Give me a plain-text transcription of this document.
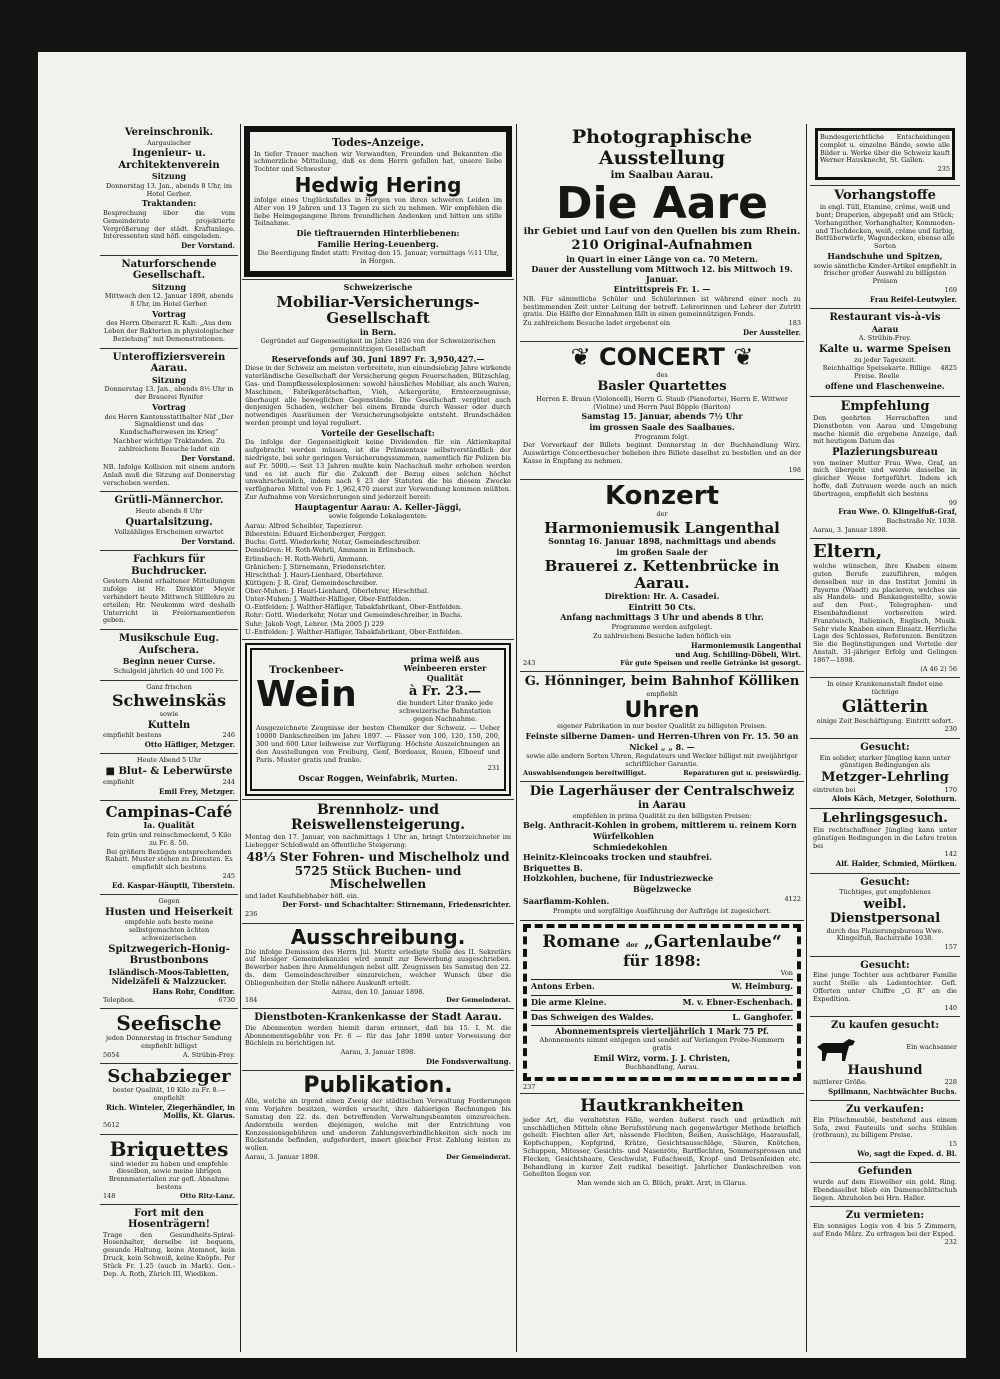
Vereinschronik.

Aargauischer

Ingenieur- u. Architektenverein

Sitzung

Donnerstag 13. Jan., abends 8 Uhr, im Hotel Gerber.

Traktanden:

Besprechung über die vom Gemeinderate projektierte Vergrößerung der städt. Kraftanlage. Interessenten sind höfl. eingeladen.

Der Vorstand.

Naturforschende Gesellschaft.

Sitzung

Mittwoch den 12. Januar 1898, abends 8 Uhr, im Hotel Gerber.

Vortrag

des Herrn Oberarzt R. Kalt: „Aus dem Leben der Bakterien in physiologischer Beziehung“ mit Demonstrationen.

Unteroffiziersverein Aarau.

Sitzung

Donnerstag 13. Jan., abends 8½ Uhr in der Brauerei Rynifer

Vortrag

des Herrn Kantonsstatthalter Näf „Der Signaldienst und das Kundschafterwesen im Krieg“

Nachher wichtige Traktanden. Zu zahlreichem Besuche ladet ein

Der Vorstand.

NB. Infolge Kollision mit einem andern Anlaß muß die Sitzung auf Donnerstag verschoben werden.

Grütli-Männerchor.

Heute abends 8 Uhr

Quartalsitzung.

Vollzähliges Erscheinen erwartet

Der Vorstand.

Fachkurs für Buchdrucker.

Gestern Abend erhaltener Mitteilungen zufolge ist Hr. Direktor Meyer verhindert heute Mittwoch Stilllehre zu erteilen; Hr. Neukomm wird deshalb Unterricht in Freiornamentieren geben.

Musikschule Eug. Aufschera.

Beginn neuer Curse.

Schulgeld jährlich 40 und 100 Fr.

Ganz frischen

Schweinskäs

sowie

Kutteln

empfiehlt bestens	246

Otto Häfliger, Metzger.

Heute Abend 5 Uhr

■ Blut- & Leberwürste

empfiehlt	244

Emil Frey, Metzger.

Campinas-Café

Ia. Qualität

fein grün und reinschmeckend, 5 Kilo zu Fr. 8. 50.

Bei größern Bezügen entsprechenden Rabatt. Muster stehen zu Diensten. Es empfiehlt sich bestens

245

Ed. Kaspar-Häuptli, Tiberstein.

Gegen

Husten und Heiserkeit

empfehle aufs beste meine selbstgemachten ächten schweizerischen

Spitzwegerich-Honig-Brustbonbons

Isländisch-Moos-Tabletten, Nidelzäfeli & Malzzucker.

Hans Rohr, Conditor.

Telephon.	6730

Seefische

jeden Donnerstag in frischer Sendung empfiehlt billigst

5654	A. Strübin-Frey.

Schabzieger

bester Qualität, 10 Kilo zu Fr. 8.— empfiehlt

Rich. Winteler, Ziegerhändler, in Mollis, Kt. Glarus.

5612

Briquettes

sind wieder zu haben und empfehle dieselben, sowie meine übrigen Brennmaterialien zur gefl. Abnahme bestens

148	Otto Ritz-Lanz.

Fort mit den Hosenträgern!

Trage den Gesundheits-Spiral-Hosenhalter, derselbe ist bequem, gesunde Haltung, keine Atemnot, kein Druck, kein Schweiß, keine Knöpfe. Per Stück Fr. 1.25 (auch in Mark). Gen.-Dep. A. Roth, Zürich III, Wiedikon.

Todes-Anzeige.

In tiefer Trauer machen wir Verwandten, Freunden und Bekannten die schmerzliche Mitteilung, daß es dem Herrn gefallen hat, unsere liebe Tochter und Schwester

Hedwig Hering

infolge eines Unglücksfalles in Horgen von ihren schweren Leiden im Alter von 19 Jahren und 13 Tagen zu sich zu nehmen. Wir empfehlen die liebe Heimgegangene Ihrem freundlichen Andenken und bitten um stille Teilnahme.

Die tieftrauernden Hinterbliebenen:

Familie Hering-Leuenberg.

Die Beerdigung findet statt: Freitag den 15. Januar, vormittags ½11 Uhr, in Horgen.

Schweizerische

Mobiliar-Versicherungs-Gesellschaft

in Bern.

Gegründet auf Gegenseitigkeit im Jahre 1826 von der Schweizerischen gemeinnützigen Gesellschaft

Reservefonds auf 30. Juni 1897 Fr. 3,950,427.—

Diese in der Schweiz am meisten verbreitete, nun einundsiebzig Jahre wirkende vaterländische Gesellschaft der Versicherung gegen Feuerschaden, Blitzschlag, Gas- und Dampfkesselexplosionen: sowohl häusliches Mobiliar, als auch Waren, Maschinen, Fabrikgerätschaften, Vieh, Ackergeräte, Ernteerzeugnisse, überhaupt alle beweglichen Gegenstände. Die Gesellschaft vergütet auch denjenigen Schaden, welcher bei einem Brande durch Wasser oder durch notwendiges Ausräumen der Versicherungsobjekte entsteht. Brandschäden werden prompt und loyal reguliert.

Vorteile der Gesellschaft:

Da infolge der Gegenseitigkeit keine Dividenden für ein Aktienkapital aufgebracht werden müssen, ist die Prämientaxe selbstverständlich der niedrigste, bei sehr geringen Versicherungssummen, namentlich für Polizen bis auf Fr. 5000.— Seit 13 Jahren mußte kein Nachschuß mehr erhoben werden und es ist auch für die Zukunft der Bezug eines solchen höchst unwahrscheinlich, indem nach § 23 der Statuten die bis diesem Zwecke verfügbaren Mittel von Fr. 1,962,470 zuerst zur Verwendung kommen müßten. Zur Aufnahme von Versicherungen sind jederzeit bereit:

Hauptagentur Aarau: A. Keller-Jäggi,

sowie folgende Lokalagenten:

Aarau: Alfred Scheibler, Tapezierer.
Biberstein: Eduard Eichenberger, Fergger.
Buchs: Gottl. Wiederkehr, Notar, Gemeindeschreiber.
Densbüren: H. Roth-Wehrli, Ammann in Erlinsbach.
Erlinsbach: H. Roth-Wehrli, Ammann.
Gränichen: J. Stirnemann, Friedensrichter.
Hirschthal: J. Hauri-Lienhard, Oberlehrer.
Küttigen: J. R. Graf, Gemeindeschreiber.
Ober-Muhen: J. Hauri-Lienhard, Oberlehrer, Hirschthal.
Unter-Muhen: J. Walther-Häfliger, Ober-Entfelden.
O.-Entfelden: J. Walther-Häfliger, Tabakfabrikant, Ober-Entfelden.
Rohr: Gottl. Wiederkehr, Notar und Gemeindeschreiber, in Buchs.
Suhr: Jakob Vogt, Lehrer. (Ma 2005 J) 229
U.-Entfelden: J. Walther-Häfliger, Tabakfabrikant, Ober-Entfelden.

Trockenbeer-

Wein

prima weiß aus Weinbeeren erster Qualität

à Fr. 23.—

die hundert Liter franko jede schweizerische Bahnstation gegen Nachnahme.

Ausgezeichnete Zeugnisse der besten Chemiker der Schweiz. — Ueber 10000 Dankschreiben im Jahre 1897. — Fässer von 100, 120, 150, 200, 300 und 600 Liter leihweise zur Verfügung. Höchste Auszeichnungen an den Ausstellungen von Freiburg, Genf, Bordeaux, Rouen, Elboeuf und Paris. Muster gratis und franko.

231

Oscar Roggen, Weinfabrik, Murten.

Brennholz- und Reiswellensteigerung.

Montag den 17. Januar, von nachmittags 1 Uhr an, bringt Unterzeichneter im Liebegger Schloßwald an öffentliche Steigerung:

48⅓ Ster Fohren- und Mischelholz und

5725 Stück Buchen- und Mischelwellen

und ladet Kaufsliebhaber höfl. ein.

Der Forst- und Schachtalter: Stirnemann, Friedensrichter.

236

Ausschreibung.

Die infolge Demission des Herrn Jul. Moritz erledigte Stelle des II. Sekretärs auf hiesiger Gemeindekanzlei wird anmit zur Bewerbung ausgeschrieben. Bewerber haben ihre Anmeldungen nebst allf. Zeugnissen bis Samstag den 22. ds. dem Gemeindeschreiber einzureichen, welcher Wunsch über die Obliegenheiten der Stelle nähere Auskunft erteilt.

Aarau, den 10. Januar 1898.

184	Der Gemeinderat.

Dienstboten-Krankenkasse der Stadt Aarau.

Die Abonnenten werden hiemit daran erinnert, daß bis 15. I. M. die Abonnementsgebühr von Fr. 6 — für das Jahr 1898 unter Vorweisung der Büchlein zu berichtigen ist.

Aarau, 3. Januar 1898.

Die Fondsverwaltung.

Publikation.

Alle, welche an irgend einen Zweig der städtischen Verwaltung Forderungen vom Vorjahre besitzen, werden ersucht, ihre dahierigen Rechnungen bis Samstag den 22. ds. den betreffenden Verwaltungsbeamten einzureichen. Andernteils werden diejenigen, welche mit der Entrichtung von Konzessionsgebühren und anderen Zahlungsverbindlichkeiten sich noch im Rückstande befinden, aufgefordert, innert gleicher Frist Zahlung leisten zu wollen.

Aarau, 3. Januar 1898.	Der Gemeinderat.

Photographische Ausstellung

im Saalbau Aarau.

Die Aare

ihr Gebiet und Lauf von den Quellen bis zum Rhein.

210 Original-Aufnahmen

in Quart in einer Länge von ca. 70 Metern.

Dauer der Ausstellung vom Mittwoch 12. bis Mittwoch 19. Januar.

Eintrittspreis Fr. 1. —

NB. Für sämmtliche Schüler und Schülerinnen ist während einer noch zu bestimmenden Zeit unter Leitung der betreff. Lehrerinnen und Lehrer der Zutritt gratis. Die Hälfte der Einnahmen fällt in einen gemeinnützigen Fonds.

Zu zahlreichem Besuche ladet ergebenst ein	183

Der Aussteller.

❦ CONCERT ❦

des

Basler Quartettes

Herren E. Braun (Violoncell), Herrn G. Staub (Pianoforte), Herrn E. Wittwer (Violine) und Herrn Paul Böpple (Bariton)

Samstag 15. Januar, abends 7½ Uhr

im grossen Saale des Saalbaues.

Programm folgt.

Der Vorverkauf der Billets beginnt Donnerstag in der Buchhandlung Wirz. Auswärtige Concertbesucher belieben ihre Billete daselbst zu bestellen und an der Kasse in Empfang zu nehmen.

198

Konzert

der

Harmoniemusik Langenthal

Sonntag 16. Januar 1898, nachmittags und abends

im großen Saale der

Brauerei z. Kettenbrücke in Aarau.

Direktion: Hr. A. Casadei.

Eintritt 50 Cts.

Anfang nachmittags 3 Uhr und abends 8 Uhr.

Programme werden aufgelegt.

Zu zahlreichem Besuche laden höflich ein

Harmoniemusik Langenthal

und Aug. Schilling-Döbeli, Wirt.

243	Für gute Speisen und reelle Getränke ist gesorgt.

G. Hönninger, beim Bahnhof Kölliken

empfiehlt

Uhren

eigener Fabrikation in nur bester Qualität zu billigsten Preisen.

Feinste silberne Damen- und Herren-Uhren von Fr. 15. 50 an

Nickel „ „ 8. —

sowie alle andern Sorten Uhren, Regulateurs und Wecker billigst mit zweijähriger schriftlicher Garantie.

Auswahlsendungen bereitwilligst.	Reparaturen gut u. preiswürdig.

Die Lagerhäuser der Centralschweiz

in Aarau

empfehlen in prima Qualität zu den billigsten Preisen:

Belg. Anthracit-Kohlen in grobem, mittlerem u. reinem Korn
Würfelkohlen
Schmiedekohlen
Heinitz-Kleincoaks trocken und staubfrei.
Briquettes B.
Holzkohlen, buchene, für Industriezwecke
Bügelzwecke
Saarflamm-Kohlen.	4122

Prompte und sorgfältige Ausführung der Aufträge ist zugesichert.

Romane der „Gartenlaube“

für 1898:

Von

Antons Erben.	W. Heimburg.
Die arme Kleine.	M. v. Ebner-Eschenbach.
Das Schweigen des Waldes.	L. Ganghofer.

Abonnementspreis vierteljährlich 1 Mark 75 Pf.

Abonnements nimmt entgegen und sendet auf Verlangen Probe-Nummern gratis

Emil Wirz, vorm. J. J. Christen,

Buchhandlung, Aarau.

237

Hautkrankheiten

jeder Art, die veraltetsten Fälle, werden äußerst rasch und gründlich mit unschädlichen Mitteln ohne Berufsstörung nach gegenwärtiger Methode brieflich geheilt: Flechten aller Art, nässende Flechten, Beißen, Ausschläge, Haarausfall, Kopfschuppen, Kopfgrind, Krätze, Gesichtsausschläge, Säuren, Knötchen, Schuppen, Mitesser, Gesichts- und Nasenröte, Bartflechten, Sommersprossen und Flecken, Gesichtshaare, Geschwulst, Fußschweiß, Kropf- und Drüsenleiden etc. Behandlung in kurzer Zeit radikal beseitigt. Jahrlicher Dankschreiben von Geheilten liegen vor.

Man wende sich an G. Blüch, prakt. Arzt, in Glarus.

Bundesgerichtliche Entscheidungen complet u. einzelne Bände, sowie alle Bilder u. Werke über die Schweiz kauft Werner Hausknecht, St. Gallen.

235

Vorhangstoffe

in engl. Tüll, Etamine, crême, weiß und bunt; Draperien, abgepaßt und am Stück; Vorhangzither, Vorhanghalter, Kommoden- und Tischdecken, weiß, crême und farbig, Bettüberwürfe, Wagendecken, ebenso alle Sorten

Handschuhe und Spitzen,

sowie sämtliche Kinder-Artikel empfiehlt in frischer großer Auswahl zu billigsten Preisen

169

Frau Reifel-Leutwyler.

Restaurant vis-à-vis

Aarau

A. Strübin-Frey.

Kalte u. warme Speisen

zu jeder Tageszeit.

Reichhaltige Speisekarte. Billige Preise. Reelle
4825

offene und Flaschenweine.

Empfehlung

Den geehrten Herrschaften und Dienstboten von Aarau und Umgebung mache hiemit die ergebene Anzeige, daß mit heutigem Datum das

Plazierungsbureau

von meiner Mutter Frau Wwe. Graf, an mich übergeht und werde dasselbe in gleicher Weise fortgeführt. Indem ich hoffe, daß Zutrauen werde auch an mich übertragen, empfiehlt sich bestens

99

Frau Wwe. O. Klingelfuß-Graf,

Bachstraße Nr. 1038.

Aarau, 3. Januar 1898.

Eltern,

welche wünschen, ihre Knaben einem guten Berufe zuzuführen, mögen denselben nur in das Institut Jomini in Payerne (Waadt) zu placieren, welches sie als Handels- und Bankangestellte, sowie auf den Post-, Telegraphen- und Eisenbahndienst vorbereiten wird. Französisch, Italienisch, Englisch, Musik. Sehr viele Knaben einen Einsatz. Herrliche Lage des Schlosses, Referenzen. Benützen Sie die Begünstigungen und Vorteile der Anstalt. 31-jähriger Erfolg und Gelingen 1867—1898.

(A 46 2) 56

In einer Krankenanstalt findet eine tüchtige

Glätterin

einige Zeit Beschäftigung. Eintritt sofort.

230

Gesucht:

Ein solider, starker Jüngling kann unter günstigen Bedingungen als

Metzger-Lehrling

eintreten bei	170

Alois Käch, Metzger, Solothurn.

Lehrlingsgesuch.

Ein rechtschaffener Jüngling kann unter günstigen Bedingungen in die Lehre treten bei

142

Alf. Halder, Schmied, Möriken.

Gesucht:

Tüchtiges, gut empfohlenes

weibl. Dienstpersonal

durch das Plazierungsbureau Wwe. Klingelfuß, Bachstraße 1038.

157

Gesucht:

Eine junge Tochter aus achtbarer Familie sucht Stelle als Ladentochter. Gefl. Offerten unter Chiffre „G R“ an die Expedition.

140

Zu kaufen gesucht:

Ein wachsamer

Haushund

mittlerer Größe.	228

Spillmann, Nachtwächter Buchs.

Zu verkaufen:

Ein Plüschmeublé, bestehend aus einem Sofa, zwei Fauteuils und sechs Stühlen (rotbraun), zu billigem Preise.

15

Wo, sagt die Exped. d. Bl.

Gefunden

wurde auf dem Eiswelher ein gold. Ring. Ebendaselbst blieb ein Damenschlittschuh liegen. Abzuholen bei Hrn. Haller.

Zu vermieten:

Ein sonniges Logis von 4 bis 5 Zimmern, auf Ende März. Zu erfragen bei der Exped.

232
